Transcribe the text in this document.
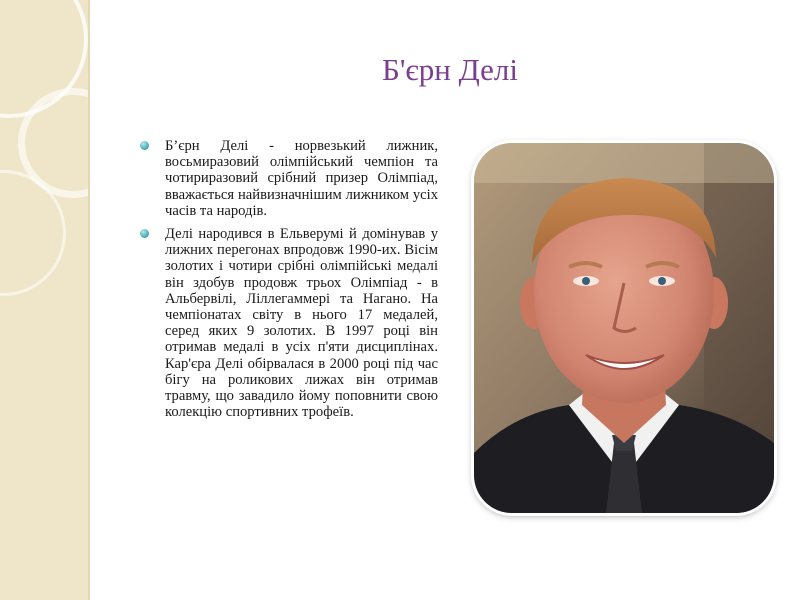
Б'єрн Делі
Б’єрн Делі - норвезький лижник, восьмиразовий олімпійський чемпіон та чотириразовий срібний призер Олімпіад, вважається найвизначнішим лижником усіх часів та народів.
Делі народився в Ельверумі й домінував у лижних перегонах впродовж 1990-их. Вісім золотих і чотири срібні олімпійські медалі він здобув продовж трьох Олімпіад - в Альбервілі, Ліллегаммері та Нагано. На чемпіонатах світу в нього 17 медалей, серед яких 9 золотих. В 1997 році він отримав медалі в усіх п'яти дисциплінах. Кар'єра Делі обірвалася в 2000 році під час бігу на роликових лижах він отримав травму, що завадило йому поповнити свою колекцію спортивних трофеїв.
